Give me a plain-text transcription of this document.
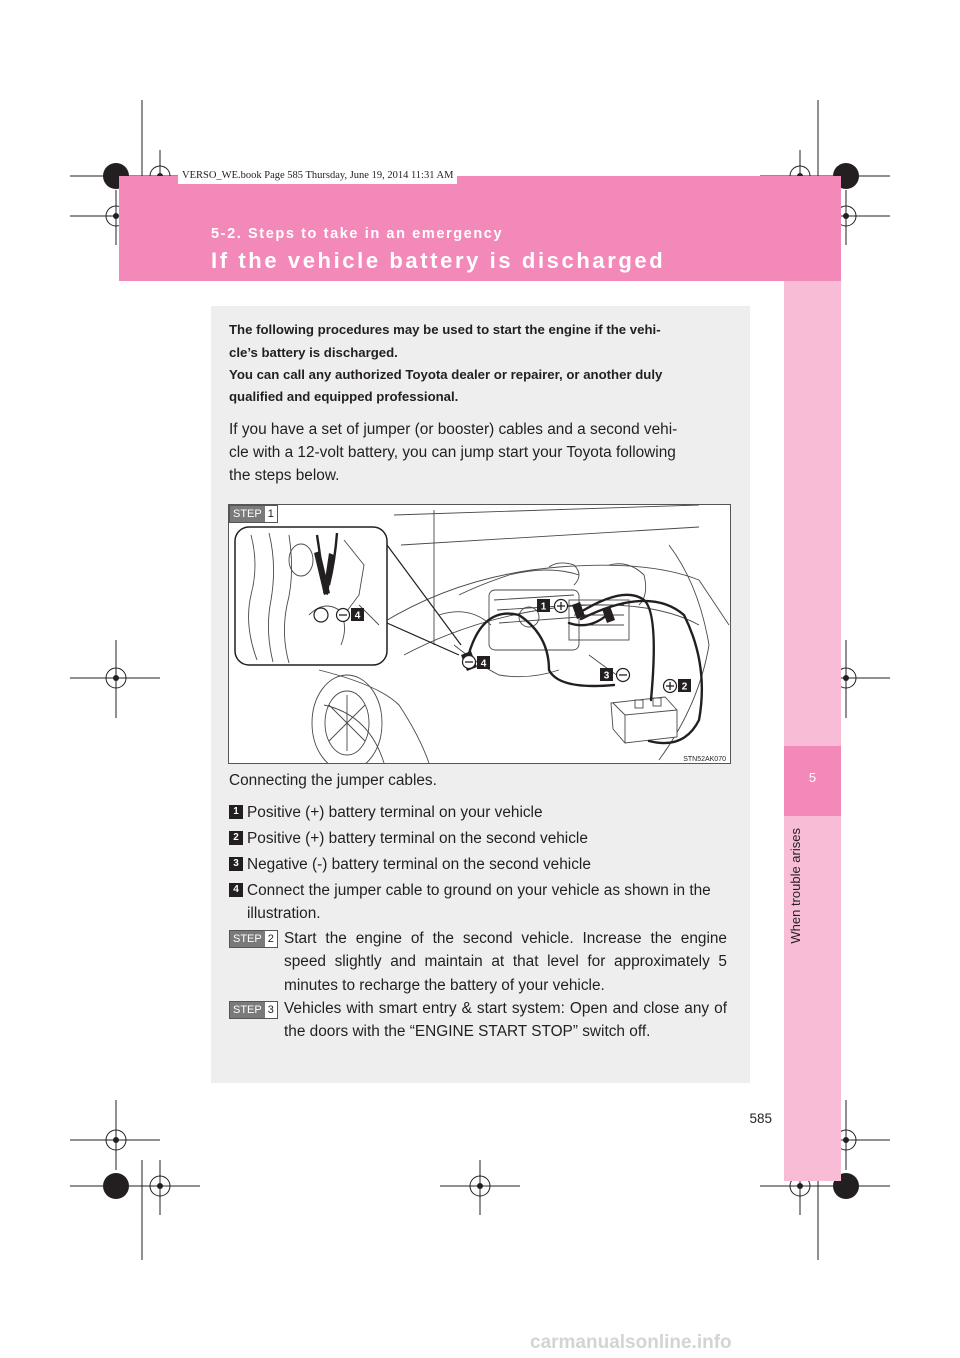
VERSO_WE.book Page 585 Thursday, June 19, 2014 11:31 AM
5-2. Steps to take in an emergency
If the vehicle battery is discharged
5
When trouble arises
The following procedures may be used to start the engine if the vehi-
cle’s battery is discharged.
You can call any authorized Toyota dealer or repairer, or another duly
qualified and equipped professional.
If you have a set of jumper (or booster) cables and a second vehi-
cle with a 12-volt battery, you can jump start your Toyota following
the steps below.
4
1
4
3
2
STN52AK070
STEP 1
Connecting the jumper cables.
1 Positive (+) battery terminal on your vehicle
2 Positive (+) battery terminal on the second vehicle
3 Negative (-) battery terminal on the second vehicle
4 Connect the jumper cable to ground on your vehicle as shown in the illustration.
STEP 2 Start the engine of the second vehicle. Increase the engine speed slightly and maintain at that level for approximately 5 minutes to recharge the battery of your vehicle.
STEP 3 Vehicles with smart entry & start system: Open and close any of the doors with the “ENGINE START STOP” switch off.
585
carmanualsonline.info
